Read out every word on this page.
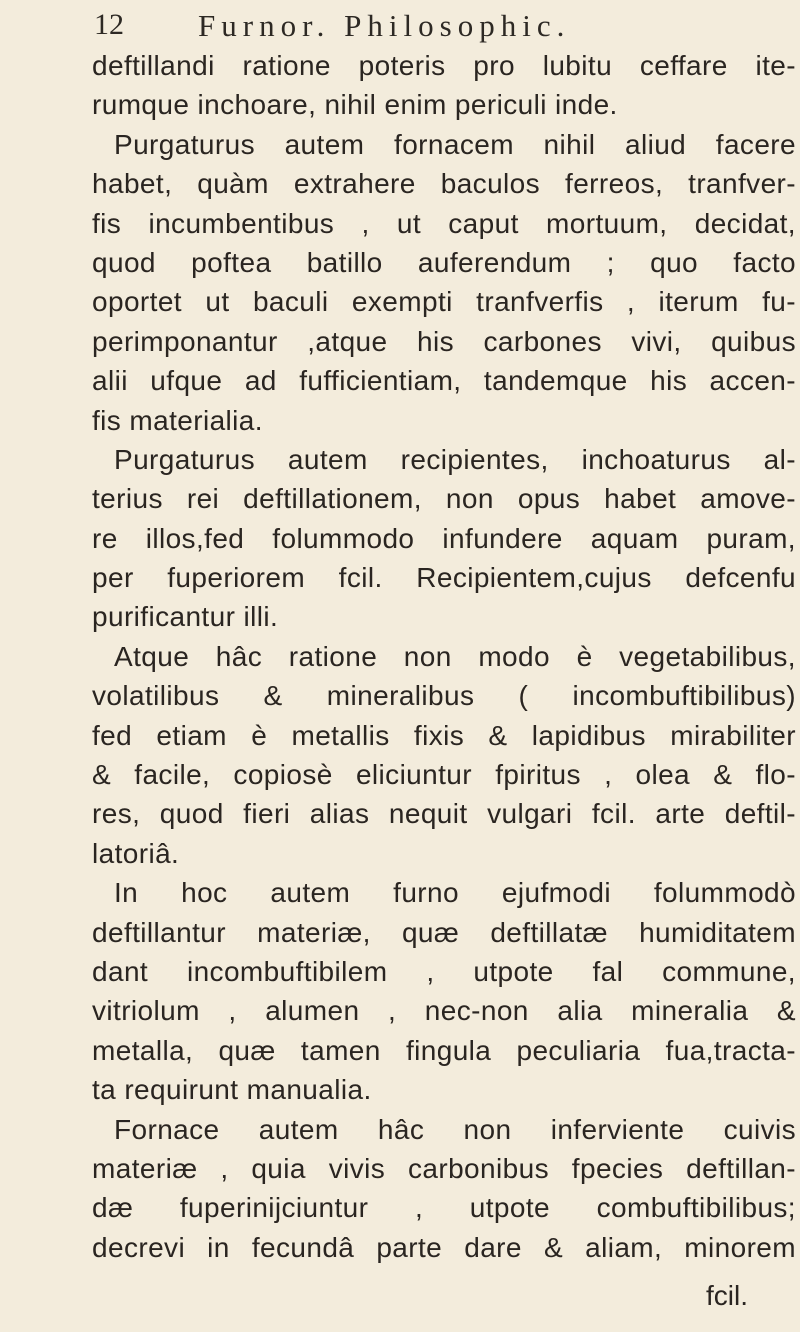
12 Furnor. Philosophic.
deftillandi ratione poteris pro lubitu ceffare ite-
rumque inchoare, nihil enim periculi inde.
Purgaturus autem fornacem nihil aliud facere
habet, quàm extrahere baculos ferreos, tranfver-
fis incumbentibus , ut caput mortuum, decidat,
quod poftea batillo auferendum ; quo facto
oportet ut baculi exempti tranfverfis , iterum fu-
perimponantur ,atque his carbones vivi, quibus
alii ufque ad fufficientiam, tandemque his accen-
fis materialia.
Purgaturus autem recipientes, inchoaturus al-
terius rei deftillationem, non opus habet amove-
re illos,fed folummodo infundere aquam puram,
per fuperiorem fcil. Recipientem,cujus defcenfu
purificantur illi.
Atque hâc ratione non modo è vegetabilibus,
volatilibus & mineralibus ( incombuftibilibus)
fed etiam è metallis fixis & lapidibus mirabiliter
& facile, copiosè eliciuntur fpiritus , olea & flo-
res, quod fieri alias nequit vulgari fcil. arte deftil-
latoriâ.
In hoc autem furno ejufmodi folummodò
deftillantur materiæ, quæ deftillatæ humiditatem
dant incombuftibilem , utpote fal commune,
vitriolum , alumen , nec-non alia mineralia &
metalla, quæ tamen fingula peculiaria fua,tracta-
ta requirunt manualia.
Fornace autem hâc non inferviente cuivis
materiæ , quia vivis carbonibus fpecies deftillan-
dæ fuperinijciuntur , utpote combuftibilibus;
decrevi in fecundâ parte dare & aliam, minorem
fcil.
